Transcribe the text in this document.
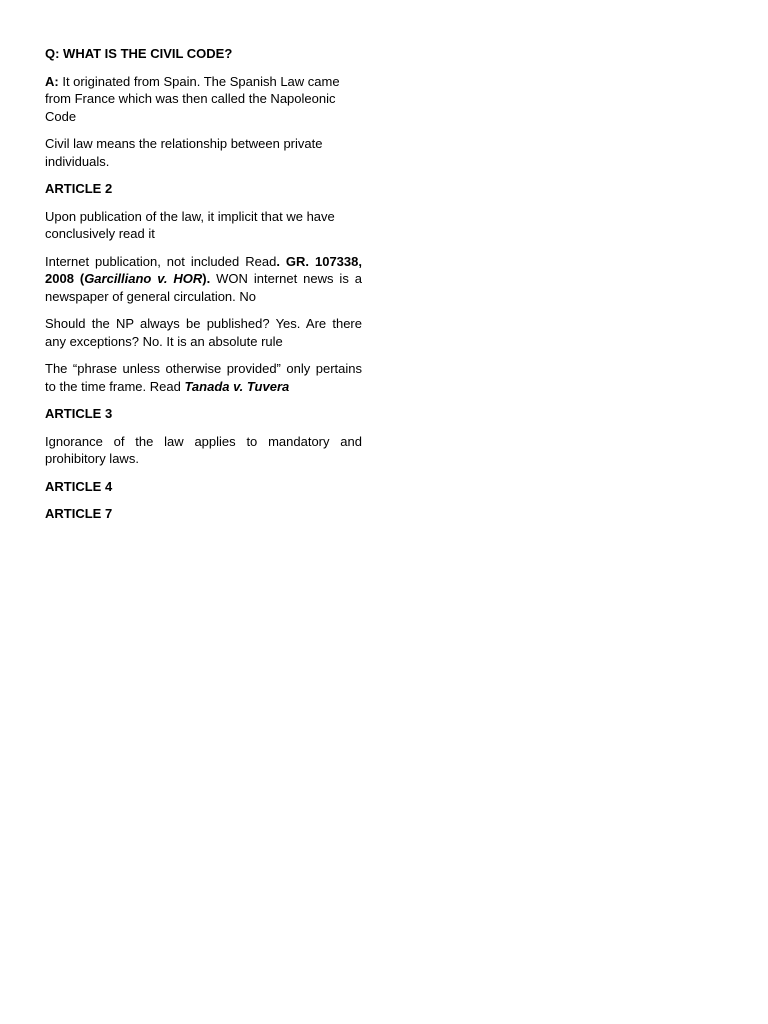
Q: WHAT IS THE CIVIL CODE?

A: It originated from Spain. The Spanish Law came from France which was then called the Napoleonic Code

Civil law means the relationship between private individuals.

ARTICLE 2

Upon publication of the law, it implicit that we have conclusively read it

Internet publication, not included Read. GR. 107338, 2008 (Garcilliano v. HOR). WON internet news is a newspaper of general circulation. No

Should the NP always be published? Yes. Are there any exceptions? No. It is an absolute rule

The “phrase unless otherwise provided” only pertains to the time frame. Read Tanada v. Tuvera

ARTICLE 3

Ignorance of the law applies to mandatory and prohibitory laws.

ARTICLE 4

ARTICLE 7
